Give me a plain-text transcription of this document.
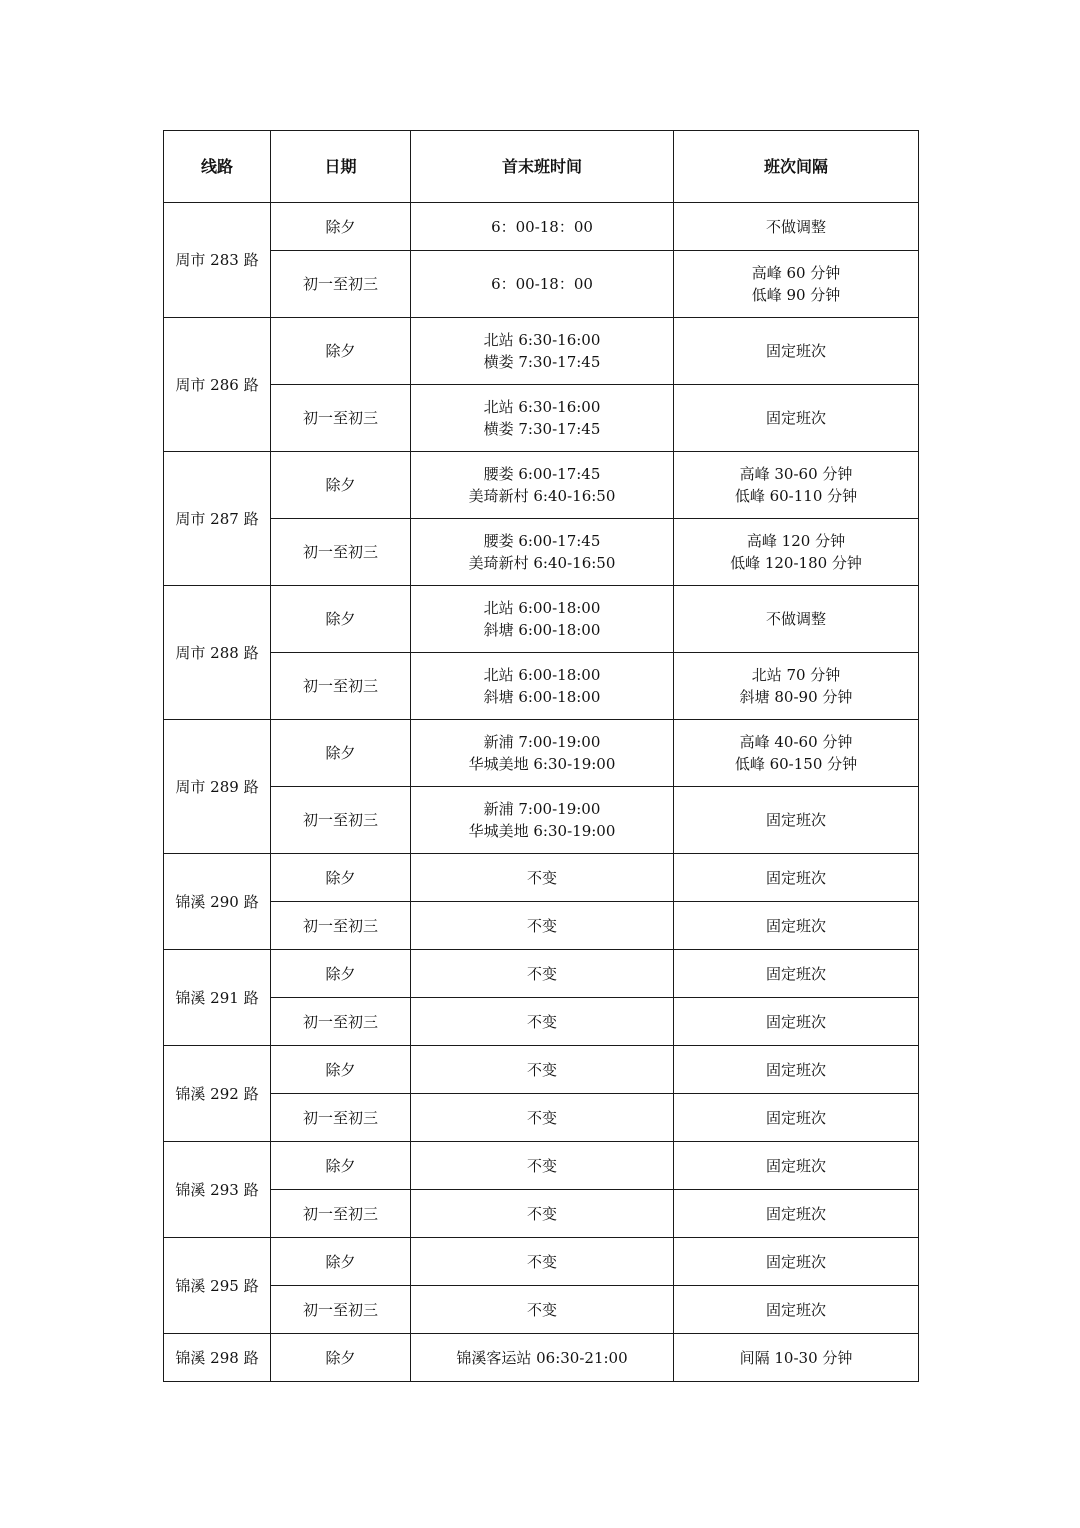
线路	日期	首末班时间	班次间隔
周市 283 路	除夕	6：00-18：00	不做调整

	初一至初三	6：00-18：00	高峰 60 分钟
低峰 90 分钟

周市 286 路	除夕	北站 6:30-16:00
横娄 7:30-17:45	固定班次

	初一至初三	北站 6:30-16:00
横娄 7:30-17:45	固定班次

周市 287 路	除夕	腰娄 6:00-17:45
美琦新村 6:40-16:50	高峰 30-60 分钟
低峰 60-110 分钟

	初一至初三	腰娄 6:00-17:45
美琦新村 6:40-16:50	高峰 120 分钟
低峰 120-180 分钟

周市 288 路	除夕	北站 6:00-18:00
斜塘 6:00-18:00	不做调整

	初一至初三	北站 6:00-18:00
斜塘 6:00-18:00	北站 70 分钟
斜塘 80-90 分钟

周市 289 路	除夕	新浦 7:00-19:00
华城美地 6:30-19:00	高峰 40-60 分钟
低峰 60-150 分钟

	初一至初三	新浦 7:00-19:00
华城美地 6:30-19:00	固定班次

锦溪 290 路	除夕	不变	固定班次

	初一至初三	不变	固定班次

锦溪 291 路	除夕	不变	固定班次

	初一至初三	不变	固定班次

锦溪 292 路	除夕	不变	固定班次

	初一至初三	不变	固定班次

锦溪 293 路	除夕	不变	固定班次

	初一至初三	不变	固定班次

锦溪 295 路	除夕	不变	固定班次

	初一至初三	不变	固定班次

锦溪 298 路	除夕	锦溪客运站 06:30-21:00	间隔 10-30 分钟
